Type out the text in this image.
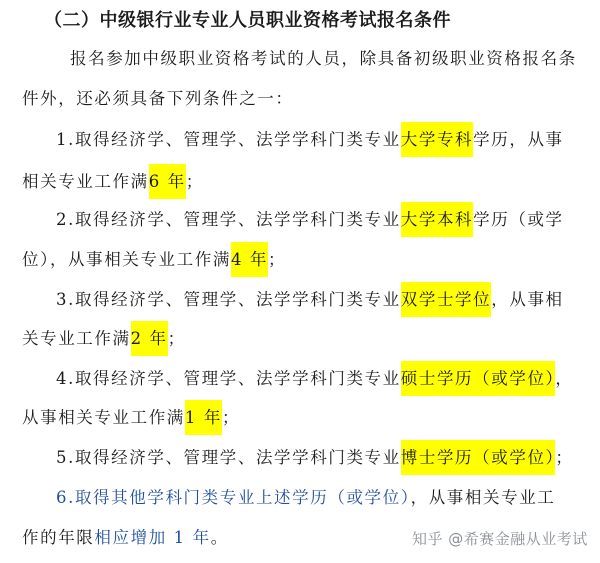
（二）中级银行业专业人员职业资格考试报名条件
报名参加中级职业资格考试的人员，除具备初级职业资格报名条
件外，还必须具备下列条件之一：
1.取得经济学、管理学、法学学科门类专业大学专科学历，从事
相关专业工作满6 年；
2.取得经济学、管理学、法学学科门类专业大学本科学历（或学
位），从事相关专业工作满4 年；
3.取得经济学、管理学、法学学科门类专业双学士学位，从事相
关专业工作满2 年；
4.取得经济学、管理学、法学学科门类专业硕士学历（或学位），
从事相关专业工作满1 年；
5.取得经济学、管理学、法学学科门类专业博士学历（或学位）；
6.取得其他学科门类专业上述学历（或学位），从事相关专业工
作的年限相应增加 1 年。	知乎 @希赛金融从业考试
